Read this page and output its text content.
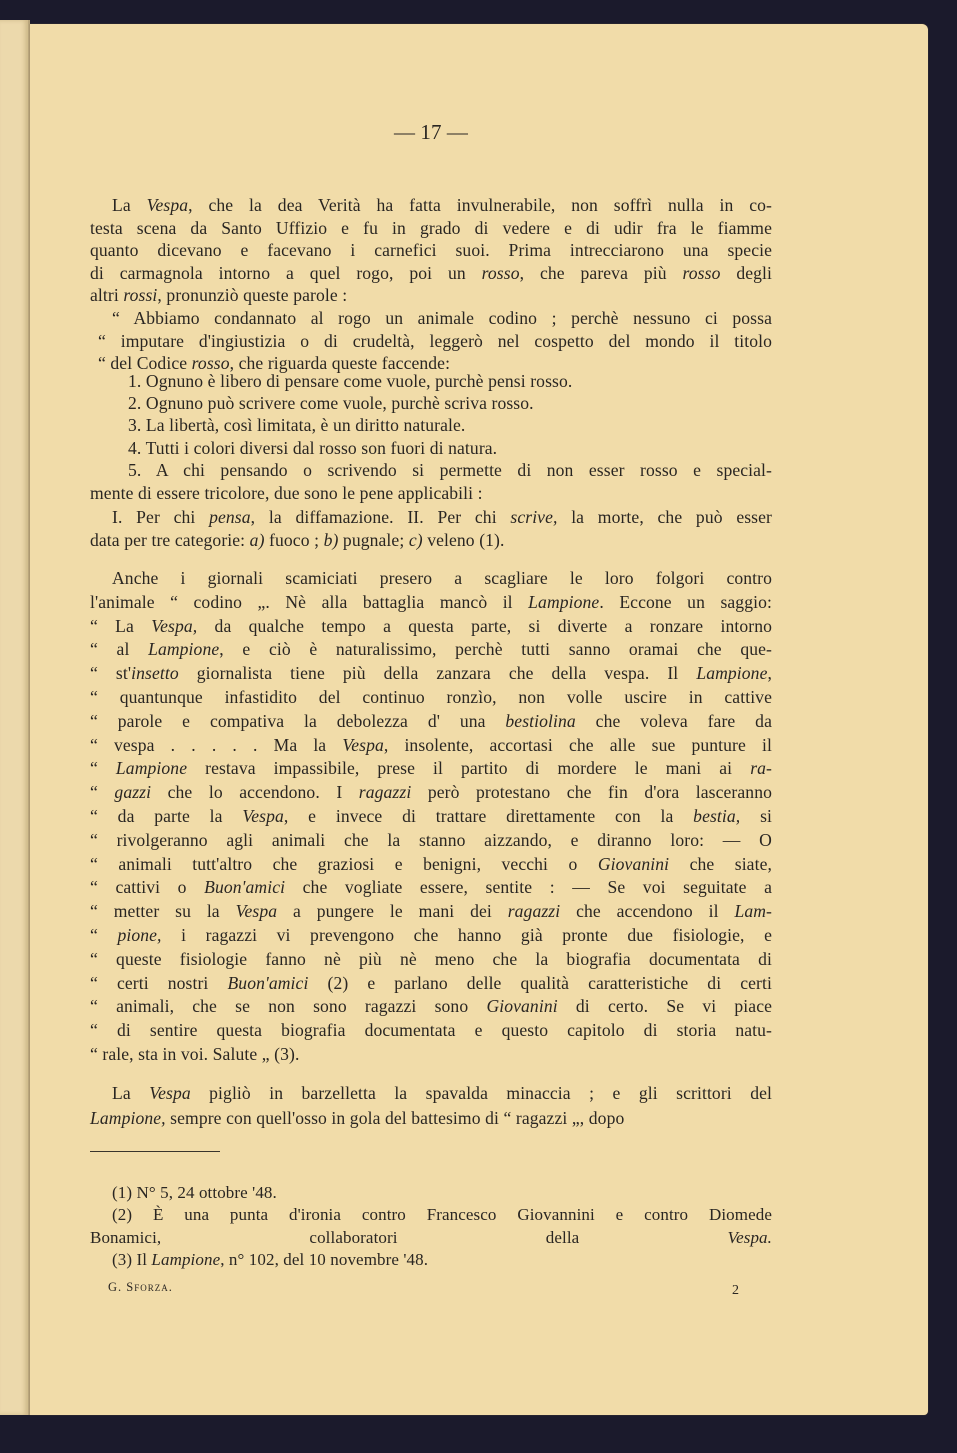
— 17 —
La Vespa, che la dea Verità ha fatta invulnerabile, non soffrì nulla in co-
testa scena da Santo Uffizio e fu in grado di vedere e di udir fra le fiamme
quanto dicevano e facevano i carnefici suoi. Prima intrecciarono una specie
di carmagnola intorno a quel rogo, poi un rosso, che pareva più rosso degli
altri rossi, pronunziò queste parole :
“ Abbiamo condannato al rogo un animale codino ; perchè nessuno ci possa
“ imputare d'ingiustizia o di crudeltà, leggerò nel cospetto del mondo il titolo
“ del Codice rosso, che riguarda queste faccende:
1. Ognuno è libero di pensare come vuole, purchè pensi rosso.
2. Ognuno può scrivere come vuole, purchè scriva rosso.
3. La libertà, così limitata, è un diritto naturale.
4. Tutti i colori diversi dal rosso son fuori di natura.
5. A chi pensando o scrivendo si permette di non esser rosso e special-
mente di essere tricolore, due sono le pene applicabili :
I. Per chi pensa, la diffamazione. II. Per chi scrive, la morte, che può esser
data per tre categorie: a) fuoco ; b) pugnale; c) veleno (1).
Anche i giornali scamiciati presero a scagliare le loro folgori contro
l'animale “ codino „. Nè alla battaglia mancò il Lampione. Eccone un saggio:
“ La Vespa, da qualche tempo a questa parte, si diverte a ronzare intorno
“ al Lampione, e ciò è naturalissimo, perchè tutti sanno oramai che que-
“ st'insetto giornalista tiene più della zanzara che della vespa. Il Lampione,
“ quantunque infastidito del continuo ronzìo, non volle uscire in cattive
“ parole e compativa la debolezza d' una bestiolina che voleva fare da
“ vespa . . . . . Ma la Vespa, insolente, accortasi che alle sue punture il
“ Lampione restava impassibile, prese il partito di mordere le mani ai ra-
“ gazzi che lo accendono. I ragazzi però protestano che fin d'ora lasceranno
“ da parte la Vespa, e invece di trattare direttamente con la bestia, si
“ rivolgeranno agli animali che la stanno aizzando, e diranno loro: — O
“ animali tutt'altro che graziosi e benigni, vecchi o Giovanini che siate,
“ cattivi o Buon'amici che vogliate essere, sentite : — Se voi seguitate a
“ metter su la Vespa a pungere le mani dei ragazzi che accendono il Lam-
“ pione, i ragazzi vi prevengono che hanno già pronte due fisiologie, e
“ queste fisiologie fanno nè più nè meno che la biografia documentata di
“ certi nostri Buon'amici (2) e parlano delle qualità caratteristiche di certi
“ animali, che se non sono ragazzi sono Giovanini di certo. Se vi piace
“ di sentire questa biografia documentata e questo capitolo di storia natu-
“ rale, sta in voi. Salute „ (3).
La Vespa pigliò in barzelletta la spavalda minaccia ; e gli scrittori del
Lampione, sempre con quell'osso in gola del battesimo di “ ragazzi „, dopo
(1) N° 5, 24 ottobre '48.
(2) È una punta d'ironia contro Francesco Giovannini e contro Diomede
Bonamici, collaboratori della Vespa.
(3) Il Lampione, n° 102, del 10 novembre '48.
G. Sforza.	2
